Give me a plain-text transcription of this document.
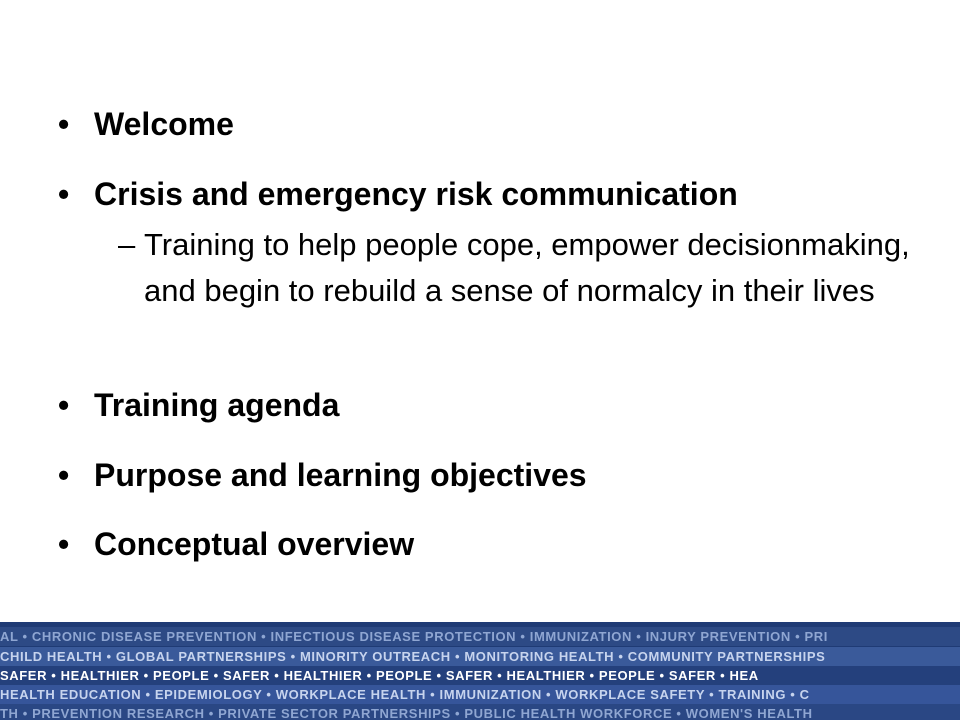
• Welcome
• Crisis and emergency risk communication
– Training to help people cope, empower decisionmaking, and begin to rebuild a sense of normalcy in their lives
• Training agenda
• Purpose and learning objectives
• Conceptual overview
AL • CHRONIC DISEASE PREVENTION • INFECTIOUS DISEASE PROTECTION • IMMUNIZATION • INJURY PREVENTION • PRI
CHILD HEALTH • GLOBAL PARTNERSHIPS • MINORITY OUTREACH • MONITORING HEALTH • COMMUNITY PARTNERSHIPS
SAFER • HEALTHIER • PEOPLE • SAFER • HEALTHIER • PEOPLE • SAFER • HEALTHIER • PEOPLE • SAFER • HEA
HEALTH EDUCATION • EPIDEMIOLOGY • WORKPLACE HEALTH • IMMUNIZATION • WORKPLACE SAFETY • TRAINING • C
TH • PREVENTION RESEARCH • PRIVATE SECTOR PARTNERSHIPS • PUBLIC HEALTH WORKFORCE • WOMEN'S HEALTH
